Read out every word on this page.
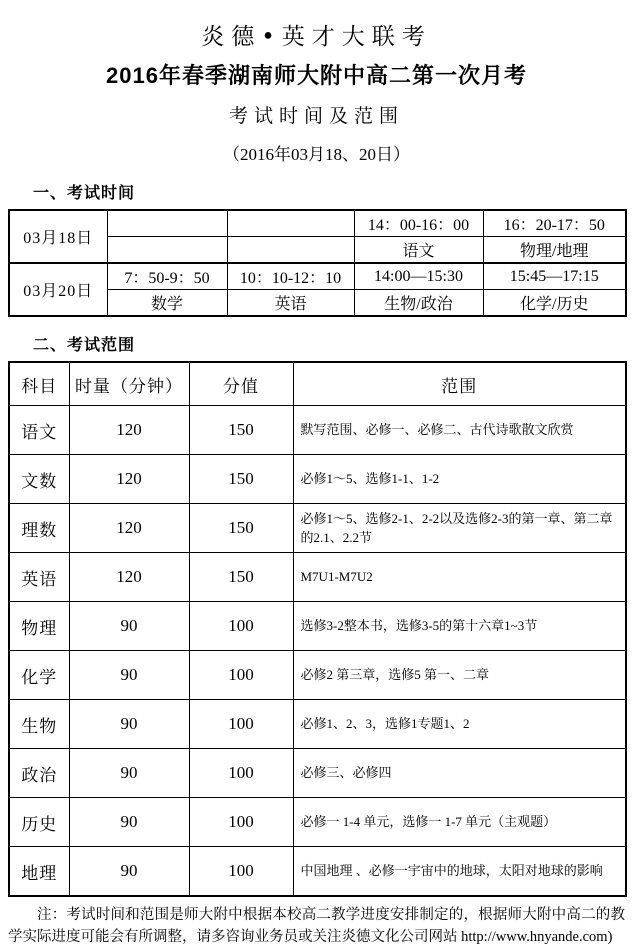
炎德•英才大联考
2016年春季湖南师大附中高二第一次月考
考试时间及范围
（2016年03月18、20日）
一、考试时间
03月18日			14：00-16：00	16：20-17：50
			语文	物理/地理
03月20日	7：50-9：50	10：10-12：10	14:00—15:30	15:45—17:15
	数学	英语	生物/政治	化学/历史
二、考试范围
科目	时量（分钟）	分值	范围
语文	120	150	默写范围、必修一、必修二、古代诗歌散文欣赏
文数	120	150	必修1～5、选修1-1、1-2
理数	120	150	必修1～5、选修2-1、2-2以及选修2-3的第一章、第二章的2.1、2.2节
英语	120	150	M7U1-M7U2
物理	90	100	选修3-2整本书，选修3-5的第十六章1~3节
化学	90	100	必修2 第三章，选修5 第一、二章
生物	90	100	必修1、2、3，选修1专题1、2
政治	90	100	必修三、必修四
历史	90	100	必修一 1-4 单元，选修一 1-7 单元（主观题）
地理	90	100	中国地理 、必修一宇宙中的地球，太阳对地球的影响

注：考试时间和范围是师大附中根据本校高二教学进度安排制定的，根据师大附中高二的教学实际进度可能会有所调整，请多咨询业务员或关注炎德文化公司网站 http://www.hnyande.com)
